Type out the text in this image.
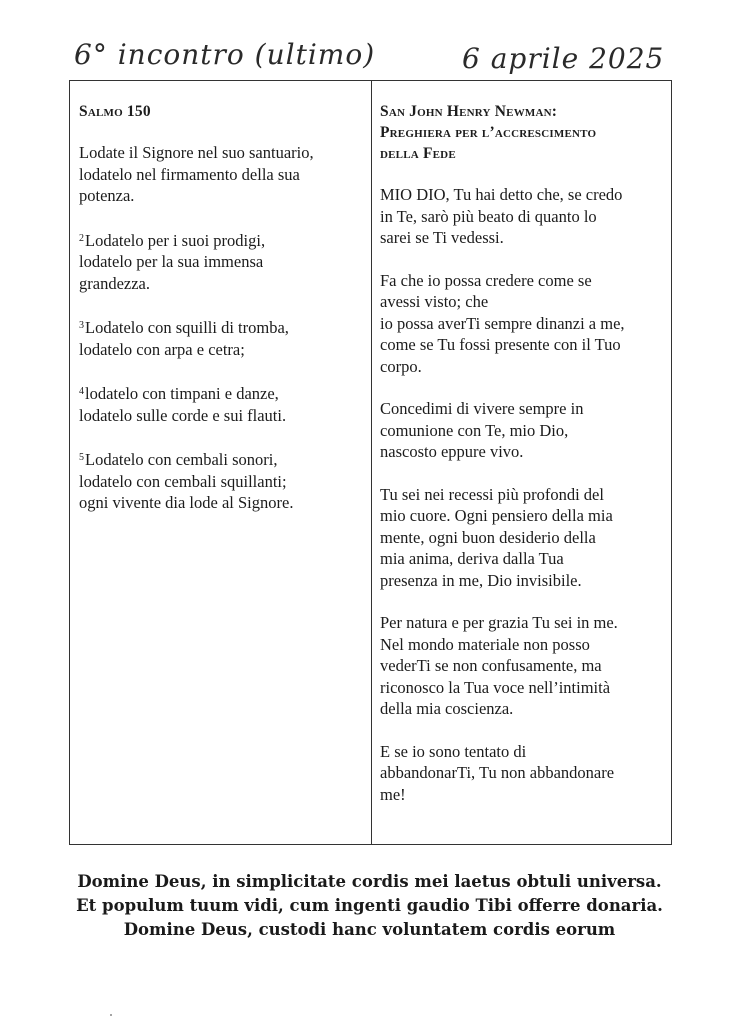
6° incontro (ultimo)	6 aprile 2025
Salmo 150
Lodate il Signore nel suo santuario,
lodatelo nel firmamento della sua
potenza.
$^2$Lodatelo per i suoi prodigi,
lodatelo per la sua immensa
grandezza.
$^3$Lodatelo con squilli di tromba,
lodatelo con arpa e cetra;
$^4$lodatelo con timpani e danze,
lodatelo sulle corde e sui flauti.
$^5$Lodatelo con cembali sonori,
lodatelo con cembali squillanti;
ogni vivente dia lode al Signore.
San John Henry Newman:
Preghiera per l’accrescimento
della Fede
MIO DIO, Tu hai detto che, se credo
in Te, sarò più beato di quanto lo
sarei se Ti vedessi.
Fa che io possa credere come se
avessi visto; che
io possa averTi sempre dinanzi a me,
come se Tu fossi presente con il Tuo
corpo.
Concedimi di vivere sempre in
comunione con Te, mio Dio,
nascosto eppure vivo.
Tu sei nei recessi più profondi del
mio cuore. Ogni pensiero della mia
mente, ogni buon desiderio della
mia anima, deriva dalla Tua
presenza in me, Dio invisibile.
Per natura e per grazia Tu sei in me.
Nel mondo materiale non posso
vederTi se non confusamente, ma
riconosco la Tua voce nell’intimità
della mia coscienza.
E se io sono tentato di
abbandonarTi, Tu non abbandonare
me!
Domine Deus, in simplicitate cordis mei laetus obtuli universa.
Et populum tuum vidi, cum ingenti gaudio Tibi offerre donaria.
Domine Deus, custodi hanc voluntatem cordis eorum
